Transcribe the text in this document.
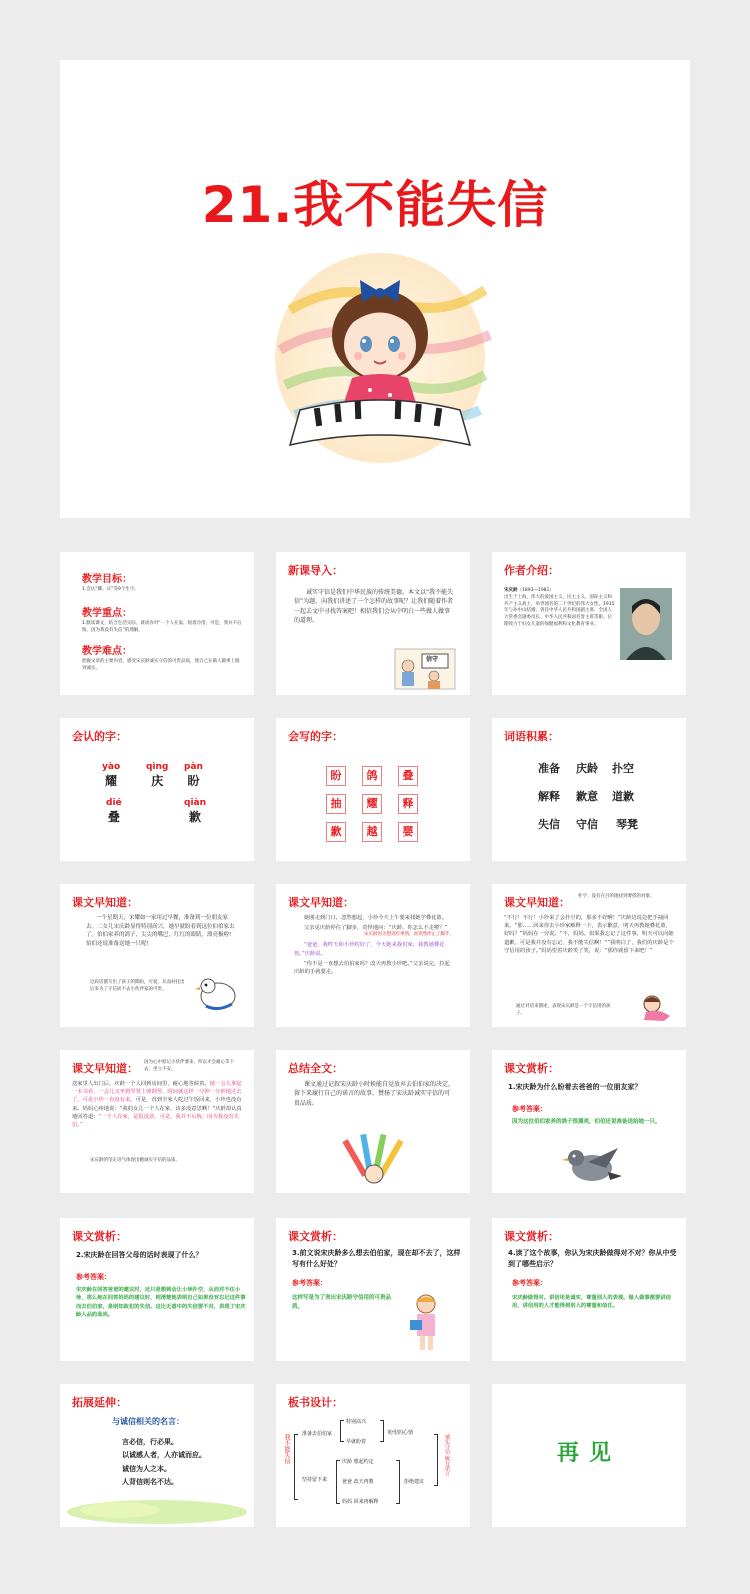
21.我不能失信
教学目标：
1.会认“耀、庆”等9个生字。
教学重点：
1.默读课文，结合生活实际，谈谈你对“一个人在家，很着冷清，可是，我并不后悔，因为我没有失信”的理解。
教学难点：
把握文章的主要内容，感受宋庆龄诚实守信的可贵品质，使自己在做人做事上做到诚实。
新课导入：
诚实守信是我们中华民族的传统美德。本文以“我不能失信”为题，向我们讲述了一个怎样的故事呢？让我们随着作者一起去文中寻找答案吧！相信我们会从中明白一些做人做事的道理。
信守
作者介绍：
宋庆龄（1893—1981）
出生于上海，伟大的爱国主义、民主主义、国际主义和共产主义战士，举世闻名的二十世纪的伟大女性。1915年与孙中山结婚。曾任中华人民共和国副主席、全国人大常委会副委员长、中华人民共和国名誉主席等职。长期致力于妇女儿童的保健福利和文化教育事业。
会认的字：
yào
耀
qìng
庆
pàn
盼
dié
叠
qiàn
歉
会写的字：
盼	鸽	叠
抽	耀	释
歉	越	婴
词语积累：
准备 庆龄 扑空
解释 歉意 道歉
失信 守信 琴凳
课文早知道：
一个星期天，宋耀如一家用过早餐，准备到一位朋友家去。二女儿宋庆龄显得特别高兴，她早就盼着到这位伯伯家去了。伯伯家养的鸽子，尖尖的嘴巴，红红的眼睛，漂亮极啦!伯伯还说准备送她一只呢!
这段话描写出了孩子的期盼，可爱，从而衬托出后来为了守信而不去小伙伴家的可贵。
课文早知道：
她刚走到门口，忽然想起，小珍今天上午要来找她学叠花篮。
父亲见庆龄停住了脚步，奇怪地问：“庆龄，你怎么不走啦？”
宋庆龄因为想到有事情，而突然停止了脚步，
“爸爸，我昨天和小珍约好了，今天她来我们家，我教她叠花篮。”庆龄说。
“你不是一直想去伯伯家吗？改天再教小珍吧。”父亲说完，拉起庆龄的手就要走。
课文早知道： 扑空：没有在目的地找到要找的对象。
“不行！不行！小珍来了会扑空的，那多不好啊！”庆龄边说边把手抽回来。“那……回来你去小珍家解释一下，表示歉意，明天再教她叠花篮，好吗？”妈妈在一旁说。“不，妈妈。如果我忘记了这件事，明天可以向她道歉，可是我并没有忘记，我不能失信啊！”“我明白了，我们的庆龄是个守信用的孩子。”妈妈望着庆龄笑了笑，说：“那你就留下来吧！”
通过对话来描述，表现宋庆龄是一个守信用的孩子。
课文早知道： 因为心中惦记小伙伴要来，所以才会耐心等下去，坐立不安。
送家里人出门后，庆龄一个人回到房间里，耐心地等候着。她一会儿拿起一本书看，一会儿又坐到琴凳上弹钢琴，时间就这样一分钟一分钟地过去了，可是小珍一直没有来。可是，直到全家人吃过午饭回来，小珍也没有来。妈妈心疼地说：“我的女儿一个人在家，该多没意思啊！”庆龄却认真地回答道：“一个人在家，是很没劲，可是，我并不后悔，因为我没有失信。”
宋庆龄的坚定语气体现出她诚实守信的品质。
总结全文：
课文通过记叙宋庆龄小时候能自觉放弃去伯伯家的决定，留下来履行自己的诺言的故事，赞扬了宋庆龄诚实守信的可贵品质。
课文赏析：
1.宋庆龄为什么盼着去爸爸的一位朋友家？
参考答案：
因为这位伯伯家养的鸽子很漂亮，伯伯还说准备送给她一只。
课文赏析：
2.宋庆龄在回答父母的话时表现了什么？
参考答案：
宋庆龄在回答爸爸的建议时，还只是想到会让小珍扑空，从而对不住小珍，那么她在回答妈妈的建议时，则清楚地表明自己如果没有忘记这件事而去伯伯家，是明知故犯的失信。这比无意中的失信要不对，表现了宋庆龄人品的高尚。
课文赏析：
3.前文说宋庆龄多么想去伯伯家，现在却不去了，这样写有什么好处？
参考答案：
这样写是为了突出宋庆龄守信用的可贵品质。
课文赏析：
4.读了这个故事，你认为宋庆龄做得对不对？你从中受到了哪些启示？
参考答案：
宋庆龄做得对。讲信用是诚实，尊重别人的表现。做人做事都要讲信用，讲信用的人才能得到别人的尊重和信任。
拓展延伸：
与诚信相关的名言：
言必信，行必果。
以诚感人者，人亦诚而应。
诚信为人之本。
人背信则名不达。
板书设计：
我不能失信 准备去伯伯家
特别高兴
早就盼着
盼望的心情
坚持留下来
庆龄 想起约定
爸爸 改天再教
妈妈 回来再解释
拒绝建议
诚实守信 履行诺言	再见
